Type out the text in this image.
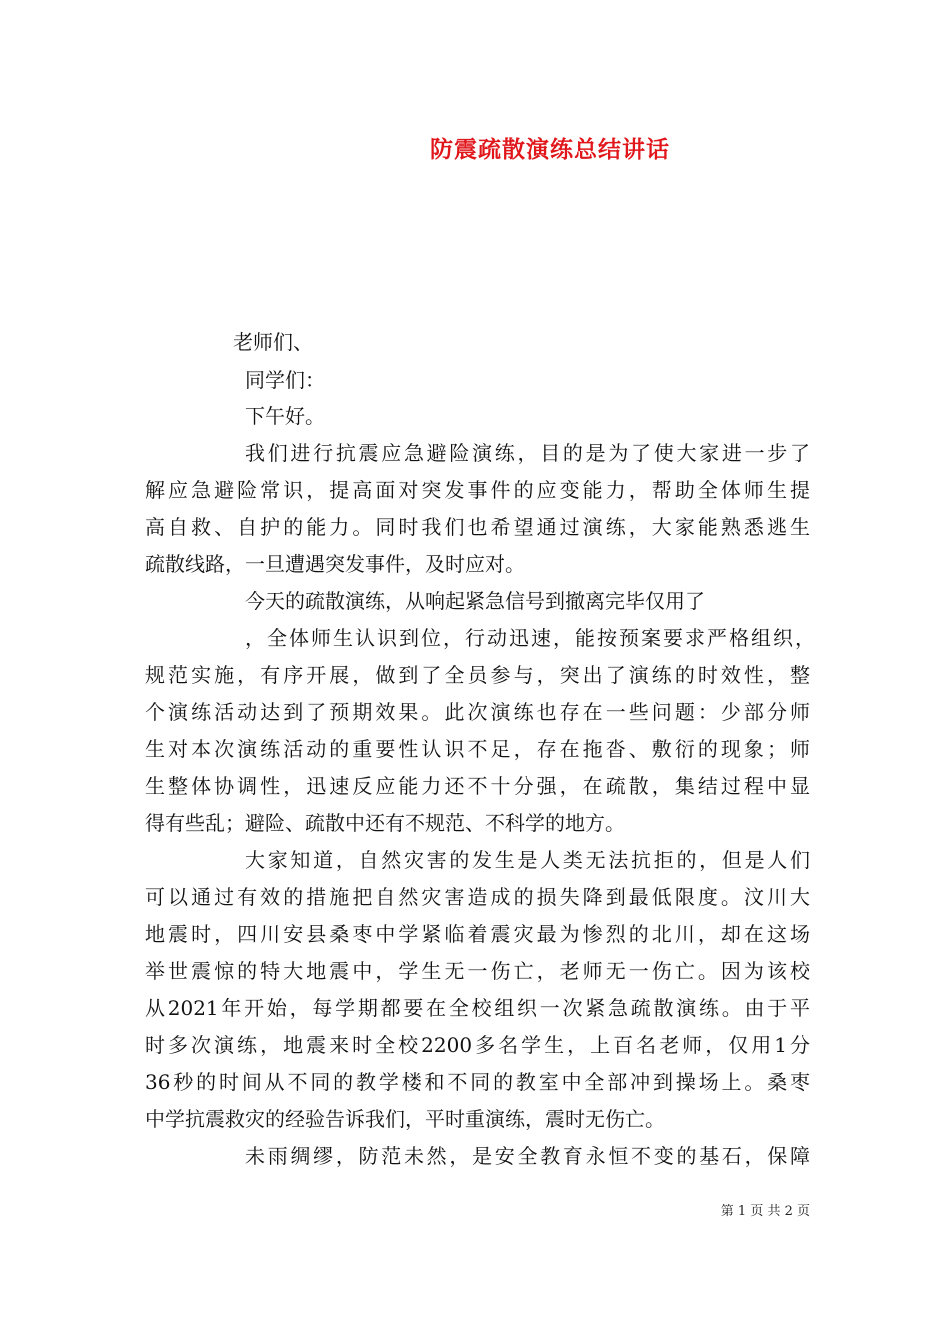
防震疏散演练总结讲话
老师们、
同学们：
下午好。
我们进行抗震应急避险演练，目的是为了使大家进一步了
解应急避险常识，提高面对突发事件的应变能力，帮助全体师生提
高自救、自护的能力。同时我们也希望通过演练，大家能熟悉逃生
疏散线路，一旦遭遇突发事件，及时应对。
今天的疏散演练，从响起紧急信号到撤离完毕仅用了
，全体师生认识到位，行动迅速，能按预案要求严格组织，
规范实施，有序开展，做到了全员参与，突出了演练的时效性，整
个演练活动达到了预期效果。此次演练也存在一些问题：少部分师
生对本次演练活动的重要性认识不足，存在拖沓、敷衍的现象；师
生整体协调性，迅速反应能力还不十分强，在疏散，集结过程中显
得有些乱；避险、疏散中还有不规范、不科学的地方。
大家知道，自然灾害的发生是人类无法抗拒的，但是人们
可以通过有效的措施把自然灾害造成的损失降到最低限度。汶川大
地震时，四川安县桑枣中学紧临着震灾最为惨烈的北川，却在这场
举世震惊的特大地震中，学生无一伤亡，老师无一伤亡。因为该校
从2021年开始，每学期都要在全校组织一次紧急疏散演练。由于平
时多次演练，地震来时全校2200多名学生，上百名老师，仅用1分
36秒的时间从不同的教学楼和不同的教室中全部冲到操场上。桑枣
中学抗震救灾的经验告诉我们，平时重演练，震时无伤亡。
未雨绸缪，防范未然，是安全教育永恒不变的基石，保障
第 1 页 共 2 页
